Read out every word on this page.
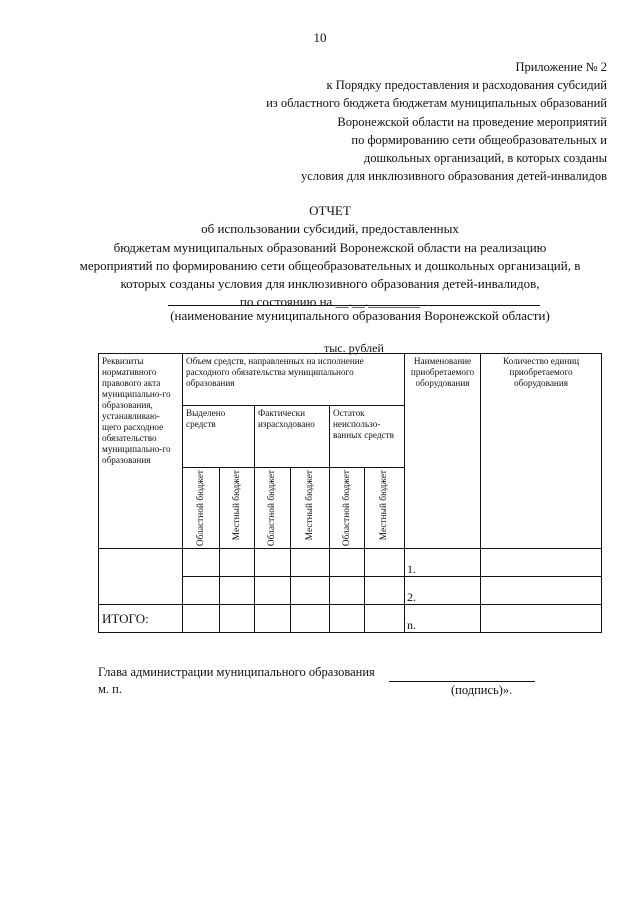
10
Приложение № 2
к Порядку предоставления и расходования субсидий
из областного бюджета бюджетам муниципальных образований
Воронежской области на проведение мероприятий
по формированию сети общеобразовательных и
дошкольных организаций, в которых созданы
условия для инклюзивного образования детей-инвалидов
ОТЧЕТ
об использовании субсидий, предоставленных
бюджетам муниципальных образований Воронежской области на реализацию
мероприятий по формированию сети общеобразовательных и дошкольных организаций, в
которых созданы условия для инклюзивного образования детей-инвалидов,
по состоянию на __.__.________
(наименование муниципального образования Воронежской области)
тыс. рублей
Реквизиты нормативного правового акта муниципально-го образования, устанавливаю-щего расходное обязательство муниципально-го образования	Объем средств, направленных на исполнение расходного обязательства муниципального образования						Наименование приобретаемого оборудования	Количество единиц приобретаемого оборудования
	Выделено средств		Фактически израсходовано		Остаток неиспользо-ванных средств			

	Областной бюджет	Местный бюджет	Областной бюджет	Местный бюджет	Областной бюджет	Местный бюджет		

							1.	
							2.	
ИТОГО:							n.	
Глава администрации муниципального образования
м. п.	(подпись)».
